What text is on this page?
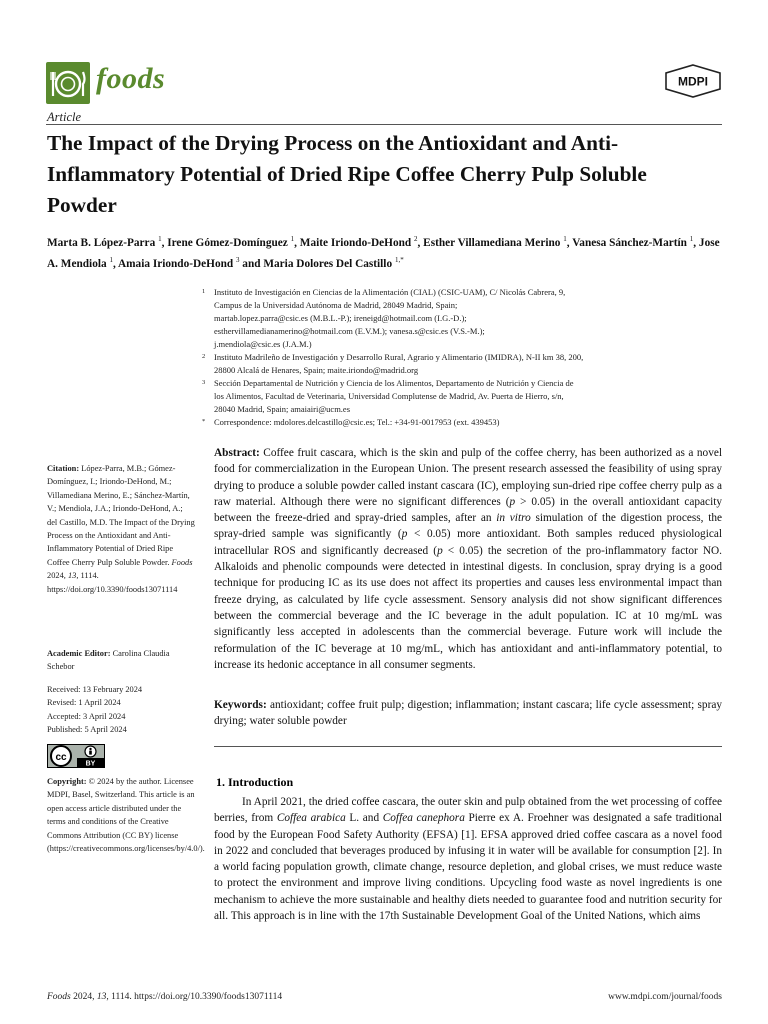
foods	MDPI
Article
The Impact of the Drying Process on the Antioxidant and Anti-Inflammatory Potential of Dried Ripe Coffee Cherry Pulp Soluble Powder
Marta B. López-Parra $^1$, Irene Gómez-Domínguez $^1$, Maite Iriondo-DeHond $^2$, Esther Villamediana Merino $^1$, Vanesa Sánchez-Martín $^1$, Jose A. Mendiola $^1$, Amaia Iriondo-DeHond $^3$ and Maria Dolores Del Castillo $^{1,*}$
1 Instituto de Investigación en Ciencias de la Alimentación (CIAL) (CSIC-UAM), C/ Nicolás Cabrera, 9,
Campus de la Universidad Autónoma de Madrid, 28049 Madrid, Spain;
martab.lopez.parra@csic.es (M.B.L.-P.); ireneigd@hotmail.com (I.G.-D.);
esthervillamedianamerino@hotmail.com (E.V.M.); vanesa.s@csic.es (V.S.-M.);
j.mendiola@csic.es (J.A.M.)
2 Instituto Madrileño de Investigación y Desarrollo Rural, Agrario y Alimentario (IMIDRA), N-II km 38, 200,
28800 Alcalá de Henares, Spain; maite.iriondo@madrid.org
3 Sección Departamental de Nutrición y Ciencia de los Alimentos, Departamento de Nutrición y Ciencia de
los Alimentos, Facultad de Veterinaria, Universidad Complutense de Madrid, Av. Puerta de Hierro, s/n,
28040 Madrid, Spain; amaiairi@ucm.es
* Correspondence: mdolores.delcastillo@csic.es; Tel.: +34-91-0017953 (ext. 439453)

Abstract: Coffee fruit cascara, which is the skin and pulp of the coffee cherry, has been authorized as a novel food for commercialization in the European Union. The present research assessed the feasibility of using spray drying to produce a soluble powder called instant cascara (IC), employing sun-dried ripe coffee cherry pulp as a raw material. Although there were no significant differences (p > 0.05) in the overall antioxidant capacity between the freeze-dried and spray-dried samples, after an in vitro simulation of the digestion process, the spray-dried sample was significantly (p < 0.05) more antioxidant. Both samples reduced physiological intracellular ROS and significantly decreased (p < 0.05) the secretion of the pro-inflammatory factor NO. Alkaloids and phenolic compounds were detected in intestinal digests. In conclusion, spray drying is a good technique for producing IC as its use does not affect its properties and causes less environmental impact than freeze drying, as calculated by life cycle assessment. Sensory analysis did not show significant differences between the commercial beverage and the IC beverage in the adult population. IC at 10 mg/mL was significantly less accepted in adolescents than the commercial beverage. Future work will include the reformulation of the IC beverage at 10 mg/mL, which has antioxidant and anti-inflammatory potential, to increase its hedonic acceptance in all consumer segments.

Keywords: antioxidant; coffee fruit pulp; digestion; inflammation; instant cascara; life cycle assessment; spray drying; water soluble powder

1. Introduction

In April 2021, the dried coffee cascara, the outer skin and pulp obtained from the wet processing of coffee berries, from Coffea arabica L. and Coffea canephora Pierre ex A. Froehner was designated a safe traditional food by the European Food Safety Authority (EFSA) [1]. EFSA approved dried coffee cascara as a novel food in 2022 and concluded that beverages produced by infusing it in water will be available for consumption [2]. In a world facing population growth, climate change, resource depletion, and global crises, we must reduce waste to protect the environment and improve living conditions. Upcycling food waste as novel ingredients is one mechanism to achieve the more sustainable and healthy diets needed to guarantee food and nutrition security for all. This approach is in line with the 17th Sustainable Development Goal of the United Nations, which aims

Citation: López-Parra, M.B.; Gómez-Domínguez, I.; Iriondo-DeHond, M.; Villamediana Merino, E.; Sánchez-Martín, V.; Mendiola, J.A.; Iriondo-DeHond, A.; del Castillo, M.D. The Impact of the Drying Process on the Antioxidant and Anti-Inflammatory Potential of Dried Ripe Coffee Cherry Pulp Soluble Powder. Foods 2024, 13, 1114. https://doi.org/10.3390/foods13071114

Academic Editor: Carolina Claudia Schebor

Received: 13 February 2024

Revised: 1 April 2024

Accepted: 3 April 2024

Published: 5 April 2024

cc
BY

Copyright: © 2024 by the author. Licensee MDPI, Basel, Switzerland. This article is an open access article distributed under the terms and conditions of the Creative Commons Attribution (CC BY) license (https://creativecommons.org/licenses/by/4.0/).

Foods 2024, 13, 1114. https://doi.org/10.3390/foods13071114	www.mdpi.com/journal/foods
